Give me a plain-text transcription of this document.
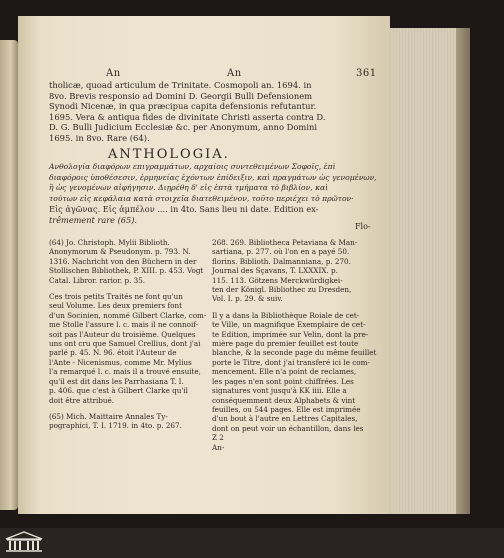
An	An	361
tholicæ, quoad articulum de Trinitate. Cosmopoli an. 1694. in
8vo. Brevis responsio ad Domini D. Georgii Bulli Defensionem
Synodi Nicenæ, in qua præcipua capita defensionis refutantur.
1695. Vera & antiqua fides de divinitate Christi asserta contra D.
D. G. Bulli Judicium Ecclesiæ &c. per Anonymum, anno Domini
1695. in 8vo. Rare (64).
ANTHOLOGIA.
Ανθολογία διαφόρων επιγραμμάτων, αρχαίοις συντεθειμένων Σοφοῖς, ἐπὶ
διαφόροις ὑποθέσεσιν, ἑρμηνείας ἐχόντων ἐπίδειξιν, καὶ πραγμάτων ὡς γενομένων,
ἢ ὡς γενομένων αἰφήγησιν. Διῃρέθη δ' εἰς ἑπτὰ τμήματα τὸ βιβλίον, καὶ
τούτων εἰς κεφάλαια κατὰ στοιχεῖα διατεθειμένον, τοῦτο περιέχει τὸ πρῶτον·
Εἰς ἀγῶνας. Εἰς ἀμπέλον .... in 4to. Sans lieu ni date. Edition ex-
trêmement rare (65).
Flo-
(64) Jo. Christoph. Mylii Biblioth.
Anonymorum & Pseudonym. p. 793. N.
1316. Nachricht von den Büchern in der
Stollischen Bibliothek, P. XIII. p. 453. Vogt
Catal. Libror. rarior. p. 35.
Ces trois petits Traités ne font qu'un
seul Volume. Les deux premiers font
d'un Socinien, nommé Gilbert Clarke, com-
me Stolle l'assure l. c. mais il ne connoif-
soit pas l'Auteur du troisième. Quelques
uns ont cru que Samuel Crellius, dont j'ai
parlé p. 45. N. 96. étoit l'Auteur de
l'Ante - Nicenismus, comme Mr. Mylius
l'a remarqué l. c. mais il a trouvé ensuite,
qu'il est dit dans les Parrhasiana T. I.
p. 406. que c'est à Gilbert Clarke qu'il
doit être attribué.
(65) Mich. Maittaire Annales Ty-
pographici, T. I. 1719. in 4to. p. 267.
268. 269. Bibliotheca Petaviana & Man-
sartiana, p. 277. où l'on en a payé 50.
florins. Biblioth. Dalmanniana, p. 270.
Journal des Sçavans, T. LXXXIX. p.
115. 113. Götzens Merckwürdigkei-
ten der Königl. Bibliothec zu Dresden,
Vol. I. p. 29. & suiv.
Il y a dans la Bibliothèque Roiale de cet-
te Ville, un magnifique Exemplaire de cet-
te Edition, imprimée sur Velin, dont la pre-
mière page du premier feuillet est toute
blanche, & la seconde page du même feuillet
porte le Titre, dont j'ai transferé ici le com-
mencement. Elle n'a point de reclames,
les pages n'en sont point chiffrées. Les
signatures vont jusqu'à KK iiii. Elle a
conséquemment deux Alphabets & vint
feuilles, ou 544 pages. Elle est imprimée
d'un bout à l'autre en Lettres Capitales,
dont on peut voir un échantillon, dans les
Z 2
An-
